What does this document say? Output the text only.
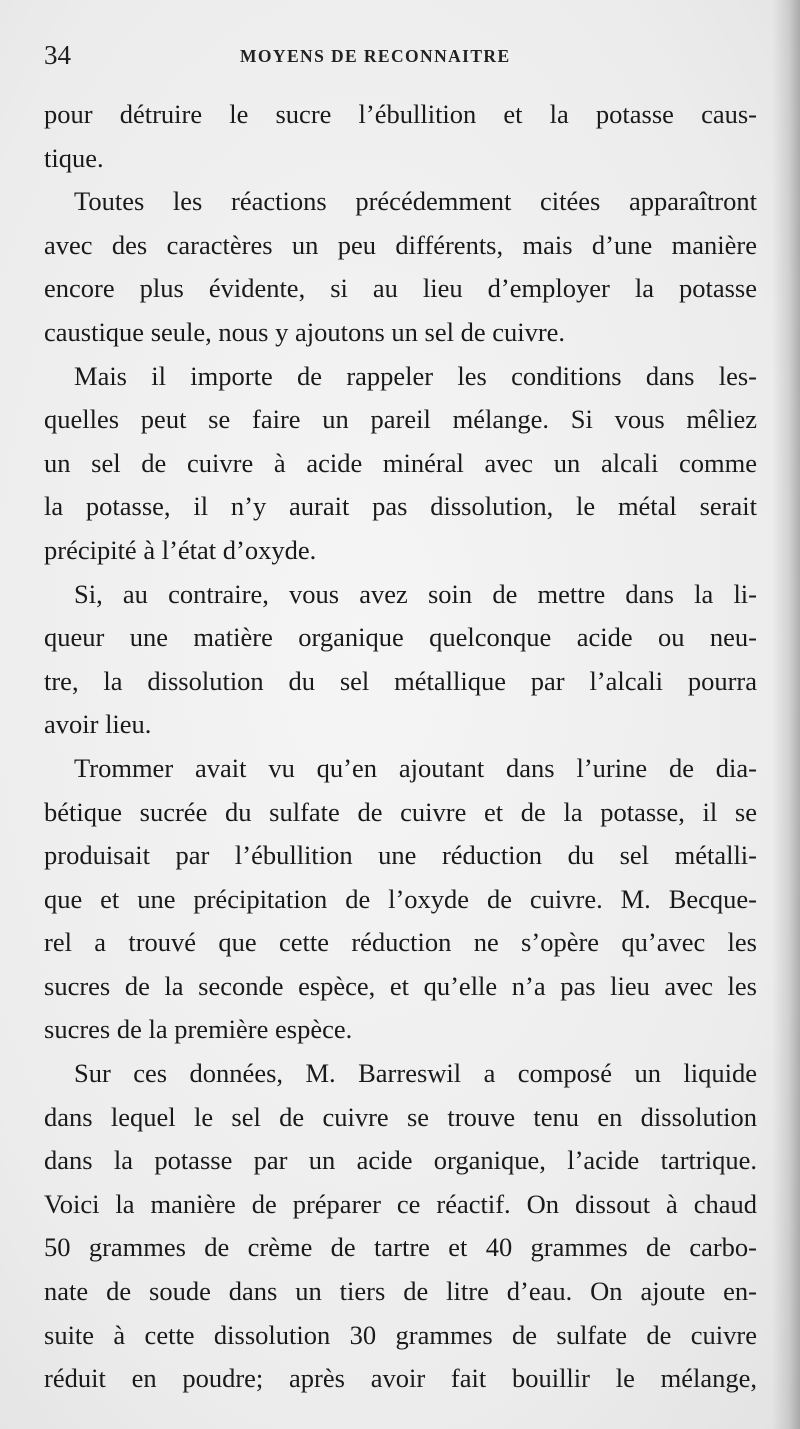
34	MOYENS DE RECONNAITRE
pour détruire le sucre l’ébullition et la potasse caus-
tique.
Toutes les réactions précédemment citées apparaîtront
avec des caractères un peu différents, mais d’une manière
encore plus évidente, si au lieu d’employer la potasse
caustique seule, nous y ajoutons un sel de cuivre.
Mais il importe de rappeler les conditions dans les-
quelles peut se faire un pareil mélange. Si vous mêliez
un sel de cuivre à acide minéral avec un alcali comme
la potasse, il n’y aurait pas dissolution, le métal serait
précipité à l’état d’oxyde.
Si, au contraire, vous avez soin de mettre dans la li-
queur une matière organique quelconque acide ou neu-
tre, la dissolution du sel métallique par l’alcali pourra
avoir lieu.
Trommer avait vu qu’en ajoutant dans l’urine de dia-
bétique sucrée du sulfate de cuivre et de la potasse, il se
produisait par l’ébullition une réduction du sel métalli-
que et une précipitation de l’oxyde de cuivre. M. Becque-
rel a trouvé que cette réduction ne s’opère qu’avec les
sucres de la seconde espèce, et qu’elle n’a pas lieu avec les
sucres de la première espèce.
Sur ces données, M. Barreswil a composé un liquide
dans lequel le sel de cuivre se trouve tenu en dissolution
dans la potasse par un acide organique, l’acide tartrique.
Voici la manière de préparer ce réactif. On dissout à chaud
50 grammes de crème de tartre et 40 grammes de carbo-
nate de soude dans un tiers de litre d’eau. On ajoute en-
suite à cette dissolution 30 grammes de sulfate de cuivre
réduit en poudre; après avoir fait bouillir le mélange,
